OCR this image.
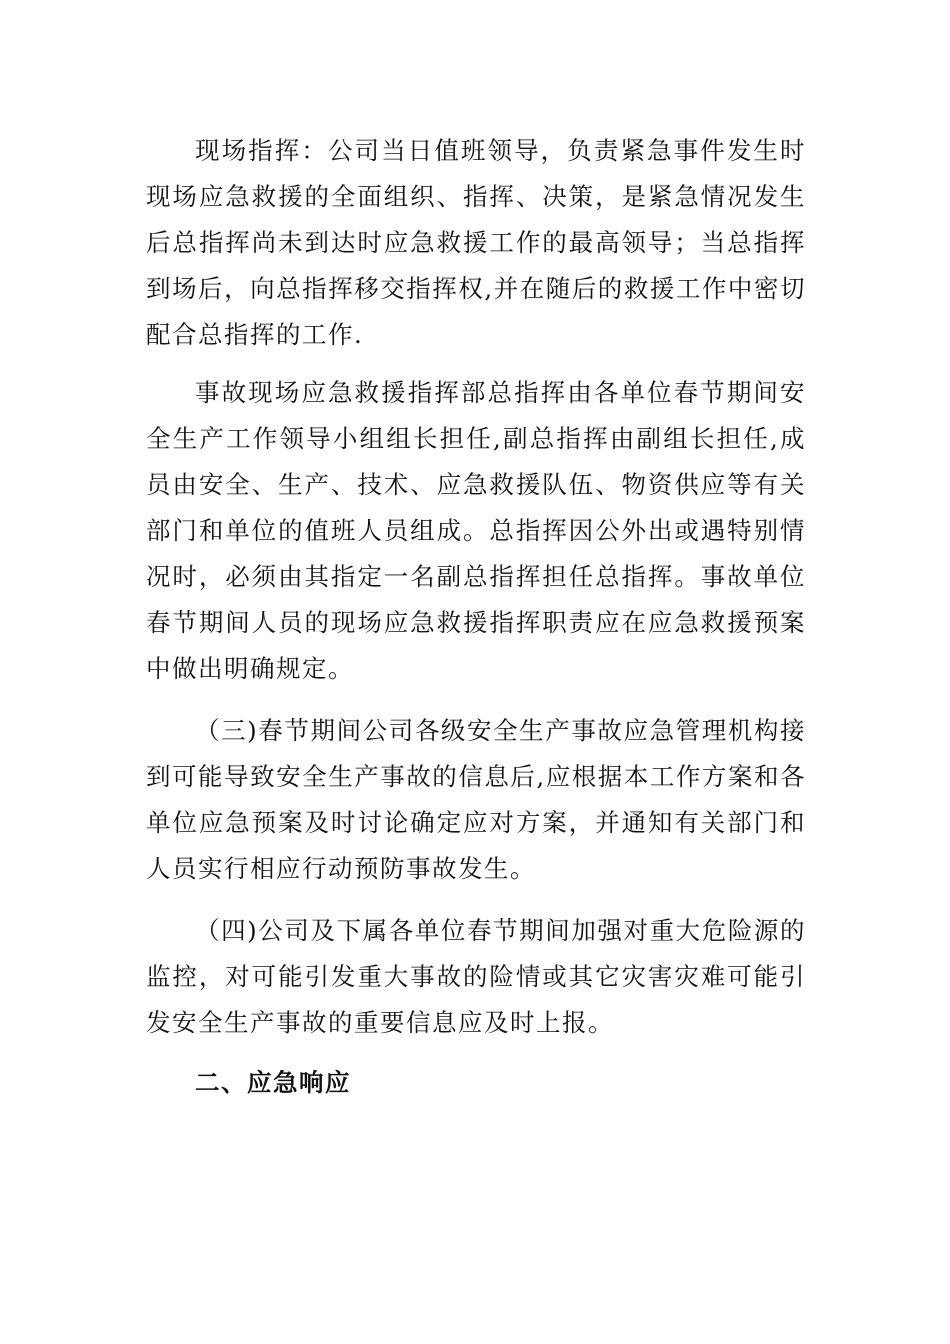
现场指挥：公司当日值班领导，负责紧急事件发生时现场应急救援的全面组织、指挥、决策，是紧急情况发生后总指挥尚未到达时应急救援工作的最高领导；当总指挥到场后，向总指挥移交指挥权,并在随后的救援工作中密切配合总指挥的工作.

事故现场应急救援指挥部总指挥由各单位春节期间安全生产工作领导小组组长担任,副总指挥由副组长担任,成员由安全、生产、技术、应急救援队伍、物资供应等有关部门和单位的值班人员组成。总指挥因公外出或遇特别情况时，必须由其指定一名副总指挥担任总指挥。事故单位春节期间人员的现场应急救援指挥职责应在应急救援预案中做出明确规定。

（三)春节期间公司各级安全生产事故应急管理机构接到可能导致安全生产事故的信息后,应根据本工作方案和各单位应急预案及时讨论确定应对方案，并通知有关部门和人员实行相应行动预防事故发生。

（四)公司及下属各单位春节期间加强对重大危险源的监控，对可能引发重大事故的险情或其它灾害灾难可能引发安全生产事故的重要信息应及时上报。

二、应急响应
